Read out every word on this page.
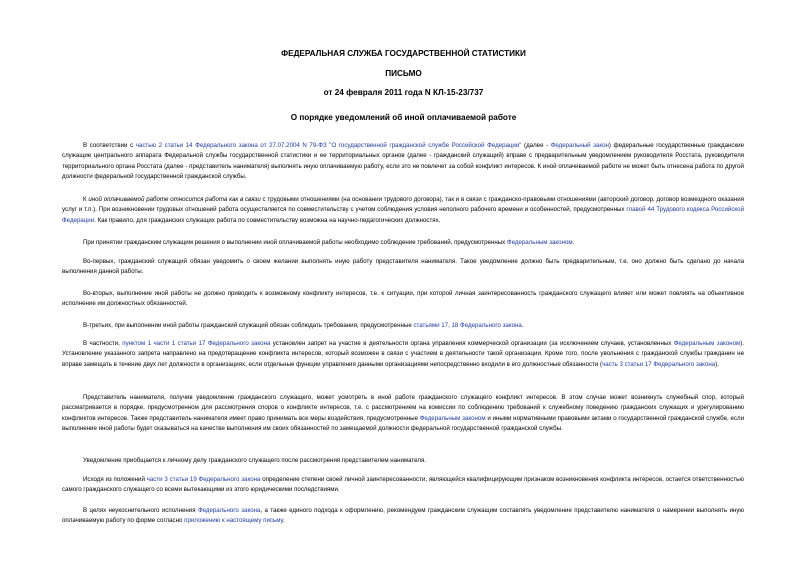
ФЕДЕРАЛЬНАЯ СЛУЖБА ГОСУДАРСТВЕННОЙ СТАТИСТИКИ
ПИСЬМО
от 24 февраля 2011 года N КЛ-15-23/737
О порядке уведомлений об иной оплачиваемой работе

В соответствии с частью 2 статьи 14 Федерального закона от 27.07.2004 N 79-ФЗ "О государственной гражданской службе Российской Федерации" (далее - Федеральный закон) федеральные государственные гражданские служащие центрального аппарата Федеральной службы государственной статистики и ее территориальных органов (далее - гражданский служащий) вправе с предварительным уведомлением руководителя Росстата, руководителя территориального органа Росстата (далее - представитель нанимателя) выполнять иную оплачиваемую работу, если это не повлечет за собой конфликт интересов. К иной оплачиваемой работе не может быть отнесена работа по другой должности федеральной государственной гражданской службы.

К иной оплачиваемой работе относится работа как в связи с трудовыми отношениями (на основании трудового договора), так и в связи с гражданско-правовыми отношениями (авторский договор, договор возмездного оказания услуг и т.п.). При возникновении трудовых отношений работа осуществляется по совместительству с учетом соблюдения условия неполного рабочего времени и особенностей, предусмотренных главой 44 Трудового кодекса Российской Федерации. Как правило, для гражданских служащих работа по совместительству возможна на научно-педагогических должностях.

При принятии гражданским служащим решения о выполнении иной оплачиваемой работы необходимо соблюдение требований, предусмотренных Федеральным законом.

Во-первых, гражданский служащий обязан уведомить о своем желании выполнять иную работу представителя нанимателя. Такое уведомление должно быть предварительным, т.е. оно должно быть сделано до начала выполнения данной работы.

Во-вторых, выполнение иной работы не должно приводить к возможному конфликту интересов, т.е. к ситуации, при которой личная заинтересованность гражданского служащего влияет или может повлиять на объективное исполнение им должностных обязанностей.

В-третьих, при выполнении иной работы гражданский служащий обязан соблюдать требования, предусмотренные статьями 17, 18 Федерального закона.

В частности, пунктом 1 части 1 статьи 17 Федерального закона установлен запрет на участие в деятельности органа управления коммерческой организации (за исключением случаев, установленных Федеральным законом). Установление указанного запрета направлено на предотвращение конфликта интересов, который возможен в связи с участием в деятельности такой организации. Кроме того, после увольнения с гражданской службы гражданин не вправе замещать в течение двух лет должности в организациях, если отдельные функции управления данными организациями непосредственно входили в его должностные обязанности (часть 3 статьи 17 Федерального закона).

Представитель нанимателя, получив уведомление гражданского служащего, может усмотреть в иной работе гражданского служащего конфликт интересов. В этом случае может возникнуть служебный спор, который рассматривается в порядке, предусмотренном для рассмотрения споров о конфликте интересов, т.е. с рассмотрением на комиссии по соблюдению требований к служебному поведению гражданских служащих и урегулированию конфликтов интересов. Также представитель нанимателя имеет право принимать все меры воздействия, предусмотренные Федеральным законом и иными нормативными правовыми актами о государственной гражданской службе, если выполнение иной работы будет сказываться на качестве выполнения им своих обязанностей по замещаемой должности федеральной государственной гражданской службы.

Уведомление приобщается к личному делу гражданского служащего после рассмотрения представителем нанимателя.

Исходя из положений части 3 статьи 19 Федерального закона определение степени своей личной заинтересованности, являющейся квалифицирующим признаком возникновения конфликта интересов, остается ответственностью самого гражданского служащего со всеми вытекающими из этого юридическими последствиями.

В целях неукоснительного исполнения Федерального закона, а также единого подхода к оформлению, рекомендуем гражданским служащим составлять уведомление представителю нанимателя о намерении выполнять иную оплачиваемую работу по форме согласно приложению к настоящему письму.
